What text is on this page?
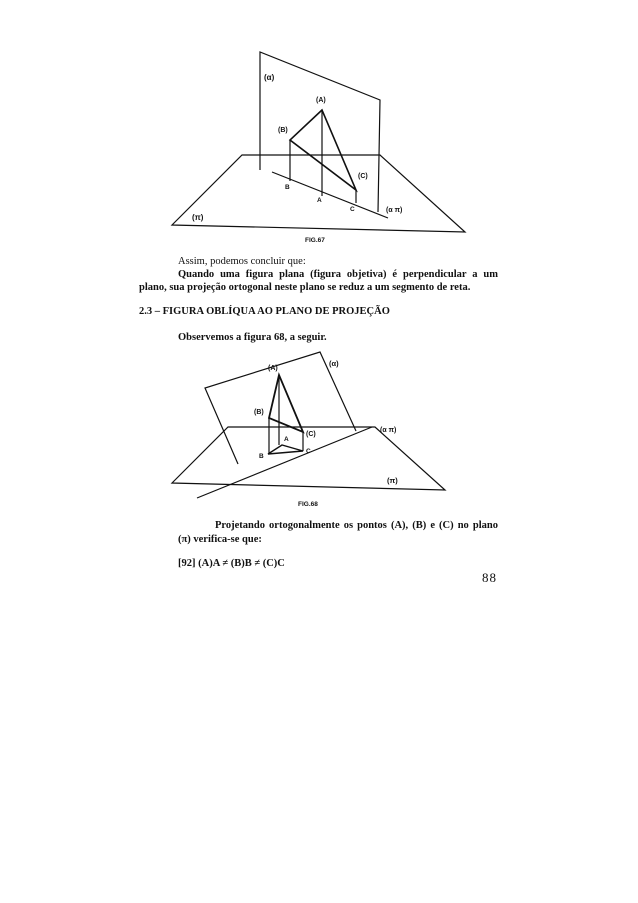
(α)
(A)
(B)
(C)
B
A
C
(π)
(α π)
FIG.67
Assim, podemos concluir que:
Quando uma figura plana (figura objetiva) é perpendicular a um
plano, sua projeção ortogonal neste plano se reduz a um segmento de reta.
2.3 – FIGURA OBLÍQUA AO PLANO DE PROJEÇÃO
Observemos a figura 68, a seguir.
(A)
(B)
(C)
A
B
C
(α)
(α π)
(π)
FIG.68
Projetando ortogonalmente os pontos (A), (B) e (C) no plano
(π) verifica-se que:
[92] (A)A ≠ (B)B ≠ (C)C
88
